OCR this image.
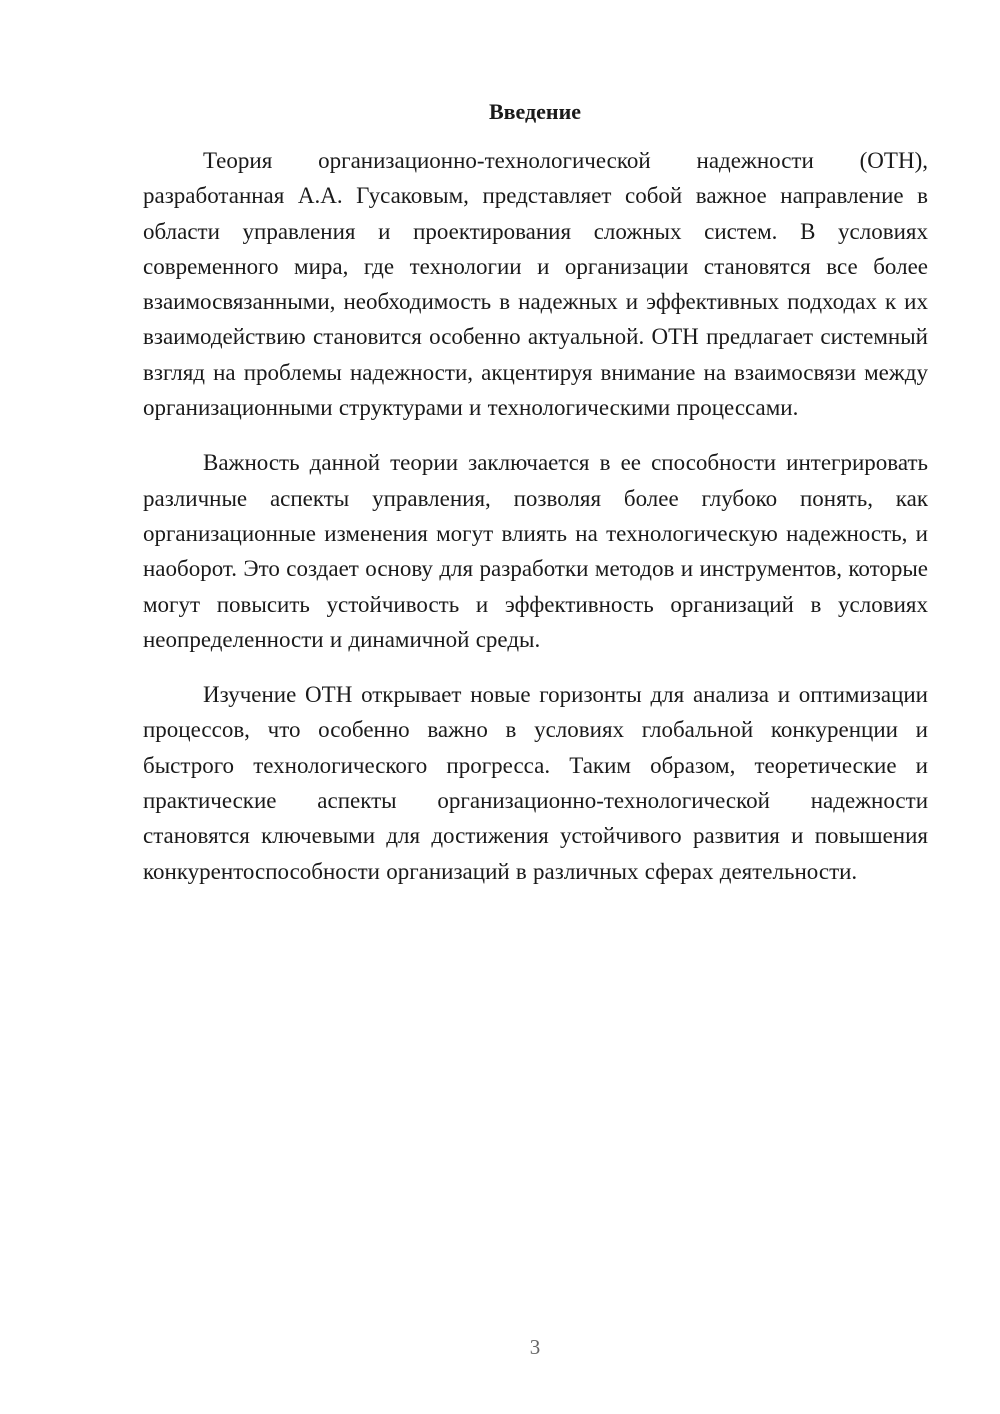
Введение

Теория организационно-технологической надежности (ОТН), разработанная А.А. Гусаковым, представляет собой важное направление в области управления и проектирования сложных систем. В условиях современного мира, где технологии и организации становятся все более взаимосвязанными, необходимость в надежных и эффективных подходах к их взаимодействию становится особенно актуальной. ОТН предлагает системный взгляд на проблемы надежности, акцентируя внимание на взаимосвязи между организационными структурами и технологическими процессами.

Важность данной теории заключается в ее способности интегрировать различные аспекты управления, позволяя более глубоко понять, как организационные изменения могут влиять на технологическую надежность, и наоборот. Это создает основу для разработки методов и инструментов, которые могут повысить устойчивость и эффективность организаций в условиях неопределенности и динамичной среды.

Изучение ОТН открывает новые горизонты для анализа и оптимизации процессов, что особенно важно в условиях глобальной конкуренции и быстрого технологического прогресса. Таким образом, теоретические и практические аспекты организационно-технологической надежности становятся ключевыми для достижения устойчивого развития и повышения конкурентоспособности организаций в различных сферах деятельности.

3
